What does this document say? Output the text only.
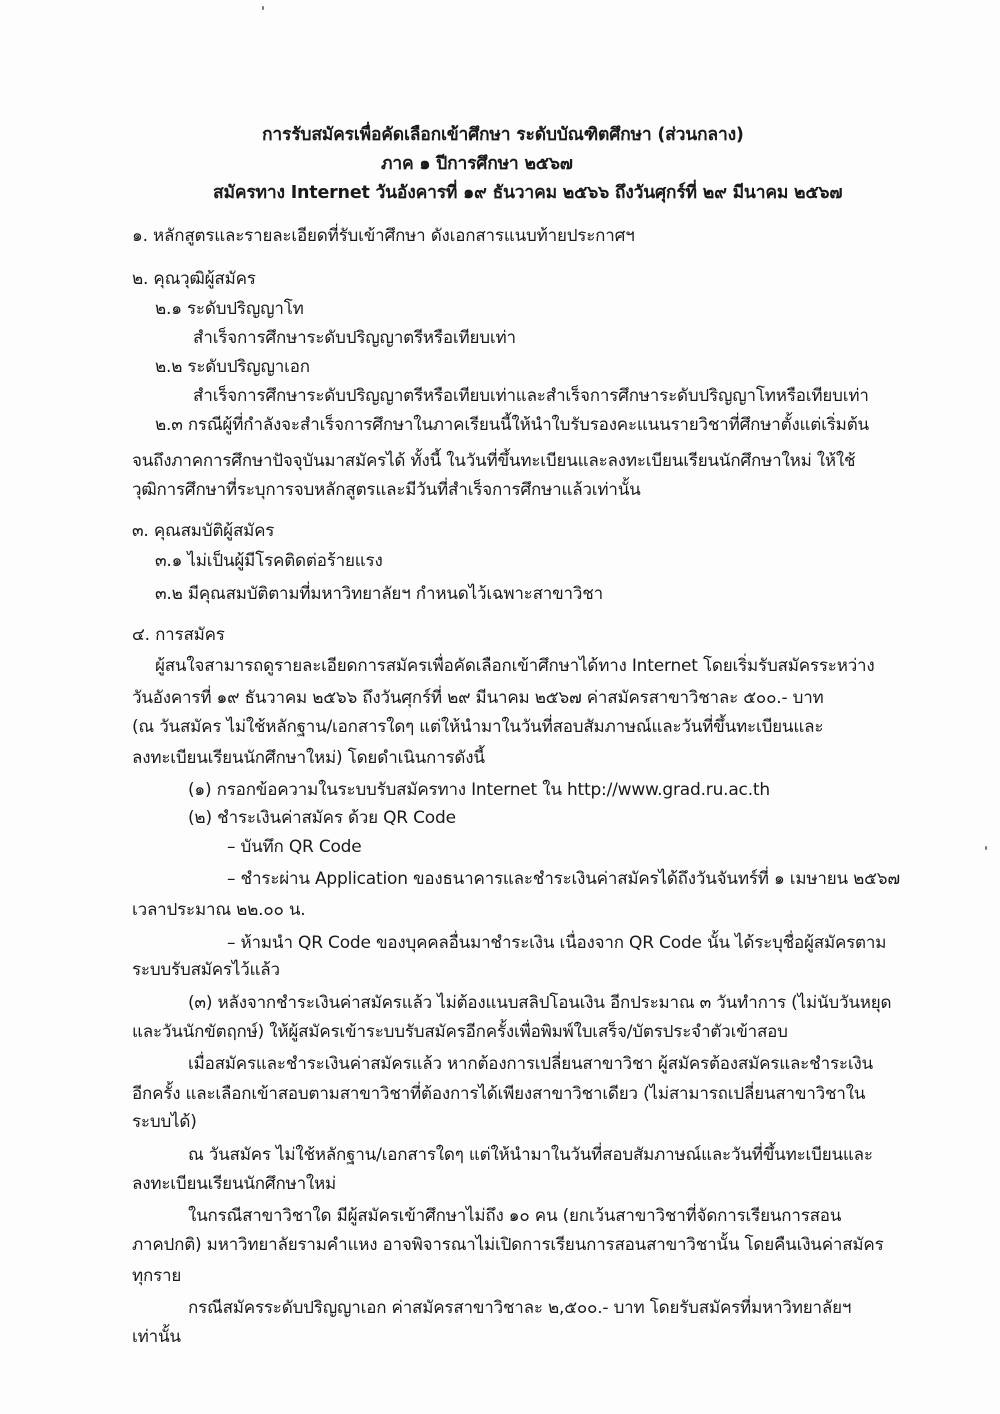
การรับสมัครเพื่อคัดเลือกเข้าศึกษา ระดับบัณฑิตศึกษา (ส่วนกลาง)
ภาค ๑ ปีการศึกษา ๒๕๖๗
สมัครทาง Internet วันอังคารที่ ๑๙ ธันวาคม ๒๕๖๖ ถึงวันศุกร์ที่ ๒๙ มีนาคม ๒๕๖๗
๑. หลักสูตรและรายละเอียดที่รับเข้าศึกษา ดังเอกสารแนบท้ายประกาศฯ
๒. คุณวุฒิผู้สมัคร
๒.๑ ระดับปริญญาโท
สำเร็จการศึกษาระดับปริญญาตรีหรือเทียบเท่า
๒.๒ ระดับปริญญาเอก
สำเร็จการศึกษาระดับปริญญาตรีหรือเทียบเท่าและสำเร็จการศึกษาระดับปริญญาโทหรือเทียบเท่า
๒.๓ กรณีผู้ที่กำลังจะสำเร็จการศึกษาในภาคเรียนนี้ให้นำใบรับรองคะแนนรายวิชาที่ศึกษาตั้งแต่เริ่มต้น
จนถึงภาคการศึกษาปัจจุบันมาสมัครได้ ทั้งนี้ ในวันที่ขึ้นทะเบียนและลงทะเบียนเรียนนักศึกษาใหม่ ให้ใช้
วุฒิการศึกษาที่ระบุการจบหลักสูตรและมีวันที่สำเร็จการศึกษาแล้วเท่านั้น
๓. คุณสมบัติผู้สมัคร
๓.๑ ไม่เป็นผู้มีโรคติดต่อร้ายแรง
๓.๒ มีคุณสมบัติตามที่มหาวิทยาลัยฯ กำหนดไว้เฉพาะสาขาวิชา
๔. การสมัคร
ผู้สนใจสามารถดูรายละเอียดการสมัครเพื่อคัดเลือกเข้าศึกษาได้ทาง Internet โดยเริ่มรับสมัครระหว่าง
วันอังคารที่ ๑๙ ธันวาคม ๒๕๖๖ ถึงวันศุกร์ที่ ๒๙ มีนาคม ๒๕๖๗ ค่าสมัครสาขาวิชาละ ๕๐๐.- บาท
(ณ วันสมัคร ไม่ใช้หลักฐาน/เอกสารใดๆ แต่ให้นำมาในวันที่สอบสัมภาษณ์และวันที่ขึ้นทะเบียนและ
ลงทะเบียนเรียนนักศึกษาใหม่) โดยดำเนินการดังนี้
(๑) กรอกข้อความในระบบรับสมัครทาง Internet ใน http://www.grad.ru.ac.th
(๒) ชำระเงินค่าสมัคร ด้วย QR Code
– บันทึก QR Code
– ชำระผ่าน Application ของธนาคารและชำระเงินค่าสมัครได้ถึงวันจันทร์ที่ ๑ เมษายน ๒๕๖๗
เวลาประมาณ ๒๒.๐๐ น.
– ห้ามนำ QR Code ของบุคคลอื่นมาชำระเงิน เนื่องจาก QR Code นั้น ได้ระบุชื่อผู้สมัครตาม
ระบบรับสมัครไว้แล้ว
(๓) หลังจากชำระเงินค่าสมัครแล้ว ไม่ต้องแนบสลิปโอนเงิน อีกประมาณ ๓ วันทำการ (ไม่นับวันหยุด
และวันนักขัตฤกษ์) ให้ผู้สมัครเข้าระบบรับสมัครอีกครั้งเพื่อพิมพ์ใบเสร็จ/บัตรประจำตัวเข้าสอบ
เมื่อสมัครและชำระเงินค่าสมัครแล้ว หากต้องการเปลี่ยนสาขาวิชา ผู้สมัครต้องสมัครและชำระเงิน
อีกครั้ง และเลือกเข้าสอบตามสาขาวิชาที่ต้องการได้เพียงสาขาวิชาเดียว (ไม่สามารถเปลี่ยนสาขาวิชาใน
ระบบได้)
ณ วันสมัคร ไม่ใช้หลักฐาน/เอกสารใดๆ แต่ให้นำมาในวันที่สอบสัมภาษณ์และวันที่ขึ้นทะเบียนและ
ลงทะเบียนเรียนนักศึกษาใหม่
ในกรณีสาขาวิชาใด มีผู้สมัครเข้าศึกษาไม่ถึง ๑๐ คน (ยกเว้นสาขาวิชาที่จัดการเรียนการสอน
ภาคปกติ) มหาวิทยาลัยรามคำแหง อาจพิจารณาไม่เปิดการเรียนการสอนสาขาวิชานั้น โดยคืนเงินค่าสมัคร
ทุกราย
กรณีสมัครระดับปริญญาเอก ค่าสมัครสาขาวิชาละ ๒,๕๐๐.- บาท โดยรับสมัครที่มหาวิทยาลัยฯ
เท่านั้น
